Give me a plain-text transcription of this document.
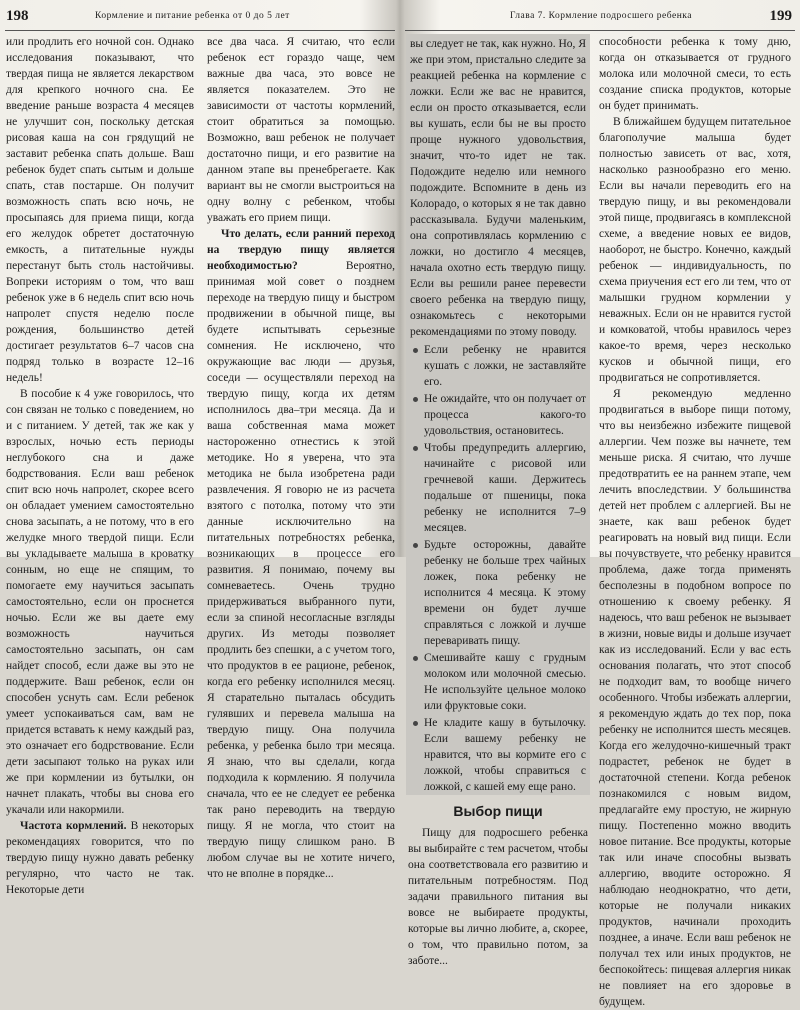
198	Кормление и питание ребенка от 0 до 5 лет

или продлить его ночной сон. Однако исследования показывают, что твердая пища не является лекарством для крепкого ночного сна. Ее введение раньше возраста 4 месяцев не улучшит сон, поскольку детская рисовая каша на сон грядущий не заставит ребенка спать дольше. Ваш ребенок будет спать сытым и дольше спать, став постарше. Он получит возможность спать всю ночь, не просыпаясь для приема пищи, когда его желудок обретет достаточную емкость, а питательные нужды перестанут быть столь настойчивы. Вопреки историям о том, что ваш ребенок уже в 6 недель спит всю ночь напролет спустя неделю после рождения, большинство детей достигает результатов 6–7 часов сна подряд только в возрасте 12–16 недель!

В пособие к 4 уже говорилось, что сон связан не только с поведением, но и с питанием. У детей, так же как у взрослых, ночью есть периоды неглубокого сна и даже бодрствования. Если ваш ребенок спит всю ночь напролет, скорее всего он обладает умением самостоятельно снова засыпать, а не потому, что в его желудке много твердой пищи. Если вы укладываете малыша в кроватку сонным, но еще не спящим, то помогаете ему научиться засыпать самостоятельно, если он проснется ночью. Если же вы даете ему возможность научиться самостоятельно засыпать, он сам найдет способ, если даже вы это не поддержите. Ваш ребенок, если он способен уснуть сам. Если ребенок умеет успокаиваться сам, вам не придется вставать к нему каждый раз, это означает его бодрствование. Если дети засыпают только на руках или же при кормлении из бутылки, он начнет плакать, чтобы вы снова его укачали или накормили.

Частота кормлений. В некоторых рекомендациях говорится, что по твердую пищу нужно давать ребенку регулярно, что часто не так. Некоторые дети

все два часа. Я считаю, что если ребенок ест гораздо чаще, чем важные два часа, это вовсе не является показателем. Это не зависимости от частоты кормлений, стоит обратиться за помощью. Возможно, ваш ребенок не получает достаточно пищи, и его развитие на данном этапе вы пренебрегаете. Как вариант вы не смогли выстроиться на одну волну с ребенком, чтобы уважать его прием пищи.

Что делать, если ранний переход на твердую пищу является необходимостью?	Вероятно, принимая мой совет о позднем переходе на твердую пищу и быстром продвижении в обычной пище, вы будете испытывать серьезные сомнения. Не исключено, что окружающие вас люди — друзья, соседи — осуществляли переход на твердую пищу, когда их детям исполнилось два–три месяца. Да и ваша собственная мама может настороженно отнестись к этой методике. Но я уверена, что эта методика не была изобретена ради развлечения. Я говорю не из расчета взятого с потолка, потому что эти данные исключительно на питательных потребностях ребенка, возникающих в процессе его развития. Я понимаю, почему вы сомневаетесь. Очень трудно придерживаться выбранного пути, если за спиной несогласные взгляды других. Из методы позволяет продлить без спешки, а с учетом того, что продуктов в ее рационе, ребенок, когда его ребенку исполнился месяц. Я старательно пыталась обсудить гулявших и перевела малыша на твердую пищу. Она получила ребенка, у ребенка было три месяца. Я знаю, что вы сделали, когда подходила к кормлению. Я получила сначала, что ее не следует ее ребенка так рано переводить на твердую пищу. Я не могла, что стоит на твердую пищу слишком рано. В любом случае вы не хотите ничего, что не вполне в порядке...

199
Глава 7. Кормление подросшего ребенка

вы следует не так, как нужно. Но, Я же при этом, пристально следите за реакцией ребенка на кормление с ложки. Если же вас не нравится, если он просто отказывается, если вы кушать, если бы не вы просто проще нужного удовольствия, значит, что-то идет не так. Подождите неделю или немного подождите. Вспомните в день из Колорадо, о которых я не так давно рассказывала. Будучи маленьким, она сопротивлялась кормлению с ложки, но достигло 4 месяцев, начала охотно есть твердую пищу. Если вы решили ранее перевести своего ребенка на твердую пищу, ознакомьтесь с некоторыми рекомендациями по этому поводу.

Если ребенку не нравится кушать с ложки, не заставляйте его.
Не ожидайте, что он получает от процесса какого-то удовольствия, остановитесь.
Чтобы предупредить аллергию, начинайте с рисовой или гречневой каши. Держитесь подальше от пшеницы, пока ребенку не исполнится 7–9 месяцев.
Будьте осторожны, давайте ребенку не больше трех чайных ложек, пока ребенку не исполнится 4 месяца. К этому времени он будет лучше справляться с ложкой и лучше переваривать пищу.
Смешивайте кашу с грудным молоком или молочной смесью. Не используйте цельное молоко или фруктовые соки.
Не кладите кашу в бутылочку. Если вашему ребенку не нравится, что вы кормите его с ложкой, чтобы справиться с ложкой, с кашей ему еще рано.
Выбор пищи

Пищу для подросшего ребенка вы выбирайте с тем расчетом, чтобы она соответствовала его развитию и питательным потребностям. Под задачи правильного питания вы вовсе не выбираете продукты, которые вы лично любите, а, скорее, о том, что правильно потом, за заботе...

способности ребенка к тому дню, когда он отказывается от грудного молока или молочной смеси, то есть создание списка продуктов, которые он будет принимать.

В ближайшем будущем питательное благополучие малыша будет полностью зависеть от вас, хотя, насколько разнообразно его меню. Если вы начали переводить его на твердую пищу, и вы рекомендовали этой пище, продвигаясь в комплексной схеме, а введение новых ее видов, наоборот, не быстро. Конечно, каждый ребенок — индивидуальность, по схема приучения ест его ли тем, что от малышки грудном кормлении у неважных. Если он не нравится густой и комковатой, чтобы нравилось через какое-то время, через несколько кусков и обычной пищи, его продвигаться не сопротивляется.

Я рекомендую медленно продвигаться в выборе пищи потому, что вы неизбежно избежите пищевой аллергии. Чем позже вы начнете, тем меньше риска. Я считаю, что лучше предотвратить ее на раннем этапе, чем лечить впоследствии. У большинства детей нет проблем с аллергией. Вы не знаете, как ваш ребенок будет реагировать на новый вид пищи. Если вы почувствуете, что ребенку нравится проблема, даже тогда применять бесполезны в подобном вопросе по отношению к своему ребенку. Я надеюсь, что ваш ребенок не вызывает в жизни, новые виды и дольше изучает как из исследований. Если у вас есть основания полагать, что этот способ не подходит вам, то вообще ничего особенного. Чтобы избежать аллергии, я рекомендую ждать до тех пор, пока ребенку не исполнится шесть месяцев. Когда его желудочно-кишечный тракт подрастет, ребенок не будет в достаточной степени. Когда ребенок познакомился с новым видом, предлагайте ему простую, не жирную пищу. Постепенно можно вводить новое питание. Все продукты, которые так или иначе способны вызвать аллергию, вводите осторожно. Я наблюдаю неоднократно, что дети, которые не получали никаких продуктов, начинали проходить позднее, а иначе. Если ваш ребенок не получал тех или иных продуктов, не беспокойтесь: пищевая аллергия никак не повлияет на его здоровье в будущем.
